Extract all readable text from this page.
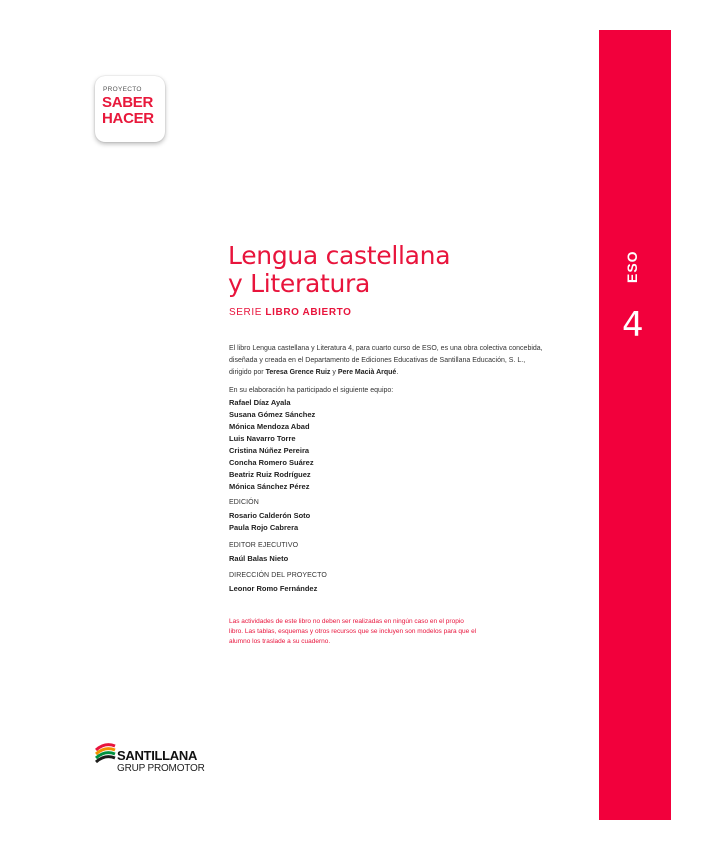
PROYECTO
SABER
HACER
Lengua castellana
y Literatura
SERIE LIBRO ABIERTO
El libro Lengua castellana y Literatura 4, para cuarto curso de ESO, es una obra colectiva concebida, diseñada y creada en el Departamento de Ediciones Educativas de Santillana Educación, S. L., dirigido por Teresa Grence Ruiz y Pere Macià Arqué.
En su elaboración ha participado el siguiente equipo:
Rafael Díaz Ayala
Susana Gómez Sánchez
Mónica Mendoza Abad
Luis Navarro Torre
Cristina Núñez Pereira
Concha Romero Suárez
Beatriz Ruiz Rodríguez
Mónica Sánchez Pérez
EDICIÓN
Rosario Calderón Soto
Paula Rojo Cabrera
EDITOR EJECUTIVO
Raúl Balas Nieto
DIRECCIÓN DEL PROYECTO
Leonor Romo Fernández
Las actividades de este libro no deben ser realizadas en ningún caso en el propio libro. Las tablas, esquemas y otros recursos que se incluyen son modelos para que el alumno los traslade a su cuaderno.
SANTILLANA
GRUP PROMOTOR
ESO
4
